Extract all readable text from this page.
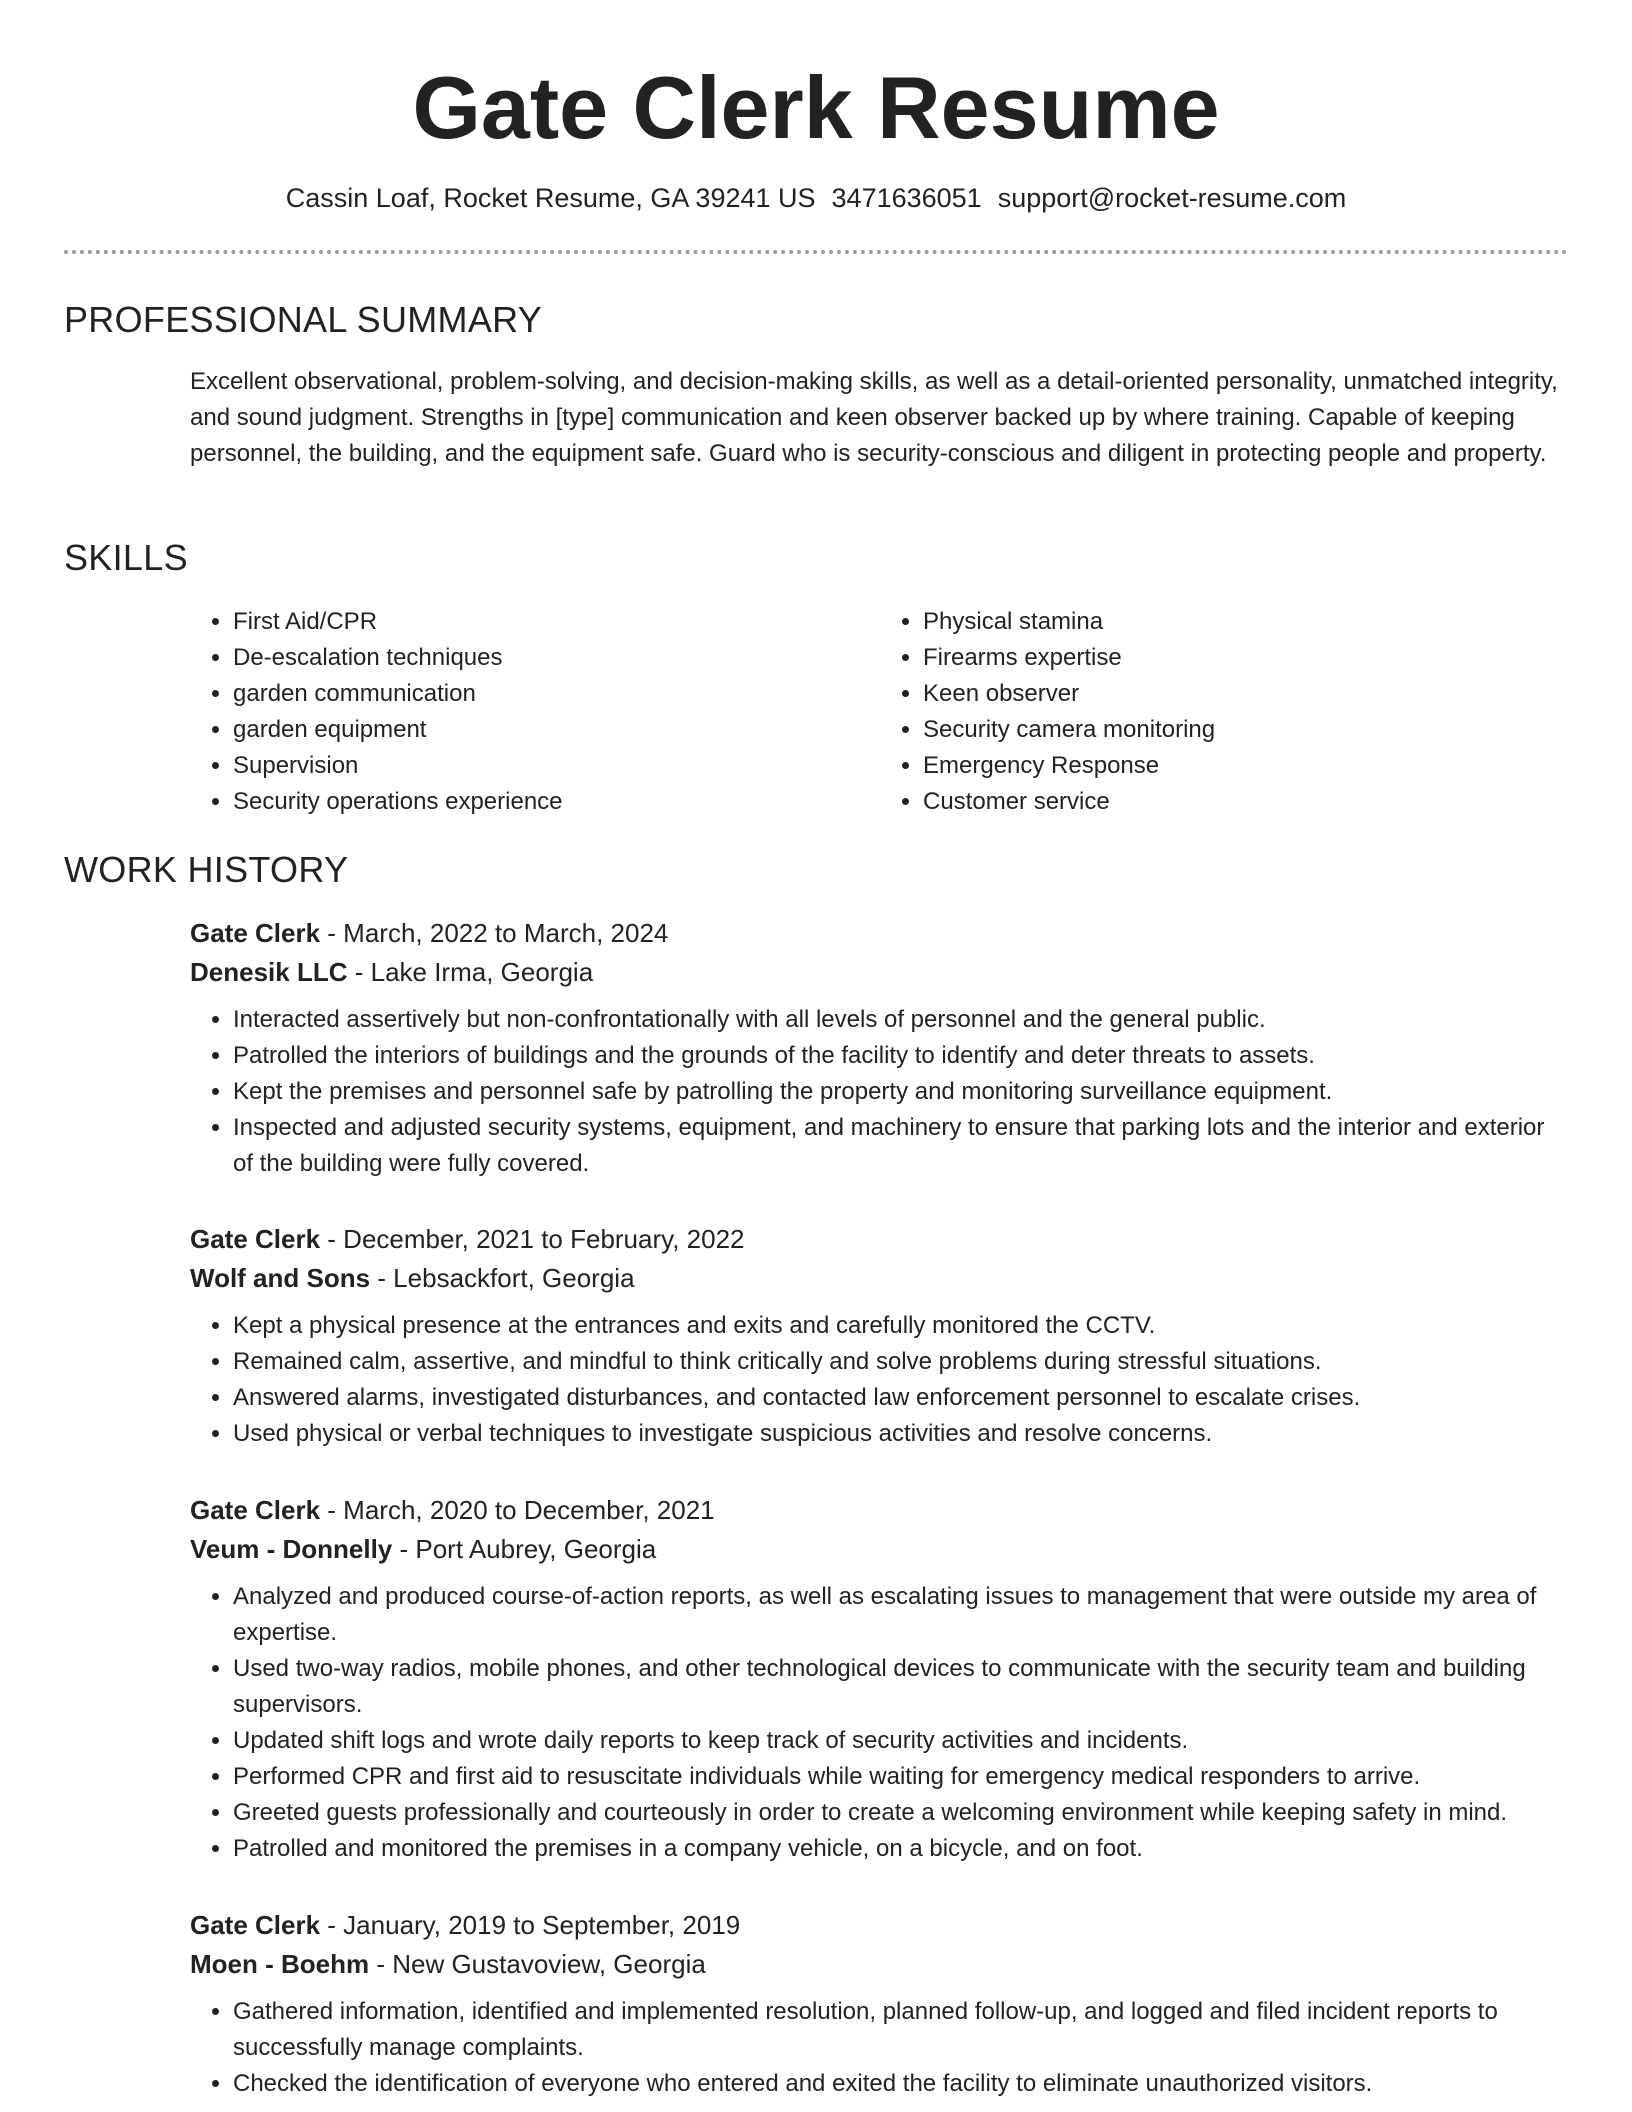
Gate Clerk Resume
Cassin Loaf, Rocket Resume, GA 39241 US 3471636051 support@rocket-resume.com
PROFESSIONAL SUMMARY

Excellent observational, problem-solving, and decision-making skills, as well as a detail-oriented personality, unmatched integrity, and sound judgment. Strengths in [type] communication and keen observer backed up by where training. Capable of keeping personnel, the building, and the equipment safe. Guard who is security-conscious and diligent in protecting people and property.

SKILLS
• First Aid/CPR
• De-escalation techniques
• garden communication
• garden equipment
• Supervision
• Security operations experience
• Physical stamina
• Firearms expertise
• Keen observer
• Security camera monitoring
• Emergency Response
• Customer service
WORK HISTORY
Gate Clerk - March, 2022 to March, 2024
Denesik LLC - Lake Irma, Georgia
• Interacted assertively but non-confrontationally with all levels of personnel and the general public.
• Patrolled the interiors of buildings and the grounds of the facility to identify and deter threats to assets.
• Kept the premises and personnel safe by patrolling the property and monitoring surveillance equipment.
• Inspected and adjusted security systems, equipment, and machinery to ensure that parking lots and the interior and exterior of the building were fully covered.
Gate Clerk - December, 2021 to February, 2022
Wolf and Sons - Lebsackfort, Georgia
• Kept a physical presence at the entrances and exits and carefully monitored the CCTV.
• Remained calm, assertive, and mindful to think critically and solve problems during stressful situations.
• Answered alarms, investigated disturbances, and contacted law enforcement personnel to escalate crises.
• Used physical or verbal techniques to investigate suspicious activities and resolve concerns.
Gate Clerk - March, 2020 to December, 2021
Veum - Donnelly - Port Aubrey, Georgia
• Analyzed and produced course-of-action reports, as well as escalating issues to management that were outside my area of expertise.
• Used two-way radios, mobile phones, and other technological devices to communicate with the security team and building supervisors.
• Updated shift logs and wrote daily reports to keep track of security activities and incidents.
• Performed CPR and first aid to resuscitate individuals while waiting for emergency medical responders to arrive.
• Greeted guests professionally and courteously in order to create a welcoming environment while keeping safety in mind.
• Patrolled and monitored the premises in a company vehicle, on a bicycle, and on foot.
Gate Clerk - January, 2019 to September, 2019
Moen - Boehm - New Gustavoview, Georgia
• Gathered information, identified and implemented resolution, planned follow-up, and logged and filed incident reports to successfully manage complaints.
• Checked the identification of everyone who entered and exited the facility to eliminate unauthorized visitors.
